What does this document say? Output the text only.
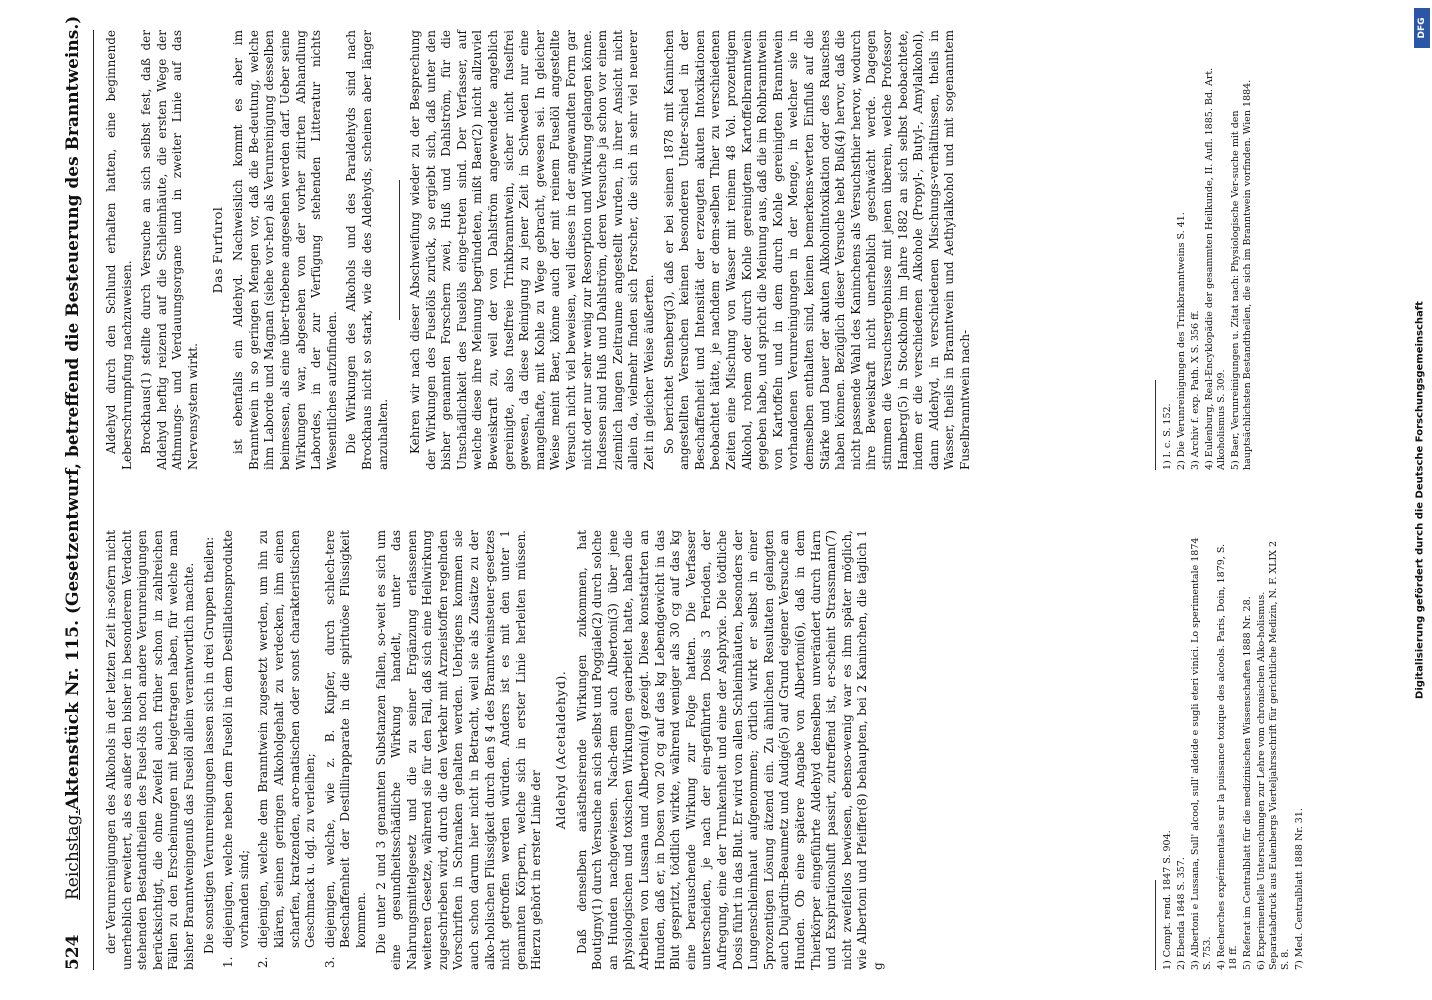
524
Reichstag.
Aktenstück Nr. 115. (Gesetzentwurf, betreffend die Besteuerung des Branntweins.) der Verunreinigungen des Alkohols in der letzten Zeit in-sofern nicht unerheblich erweitert, als es außer den bisher in besonderem Verdacht stehenden Bestandtheilen des Fusel-öls noch andere Verunreinigungen berücksichtigt, die ohne Zweifel auch früher schon in zahlreichen Fällen zu den Erscheinungen mit beigetragen haben, für welche man bisher Branntweingenuß das Fuselöl allein verantwortlich machte. Die sonstigen Verunreinigungen lassen sich in drei Gruppen theilen:

1.
diejenigen, welche neben dem Fuselöl in dem Destillationsprodukte vorhanden sind;

2.
diejenigen, welche dem Branntwein zugesetzt werden, um ihn zu klären, seinen geringen Alkoholgehalt zu verdecken, ihm einen scharfen, kratzenden, aro-matischen oder sonst charakteristischen Geschmack u. dgl. zu verleihen;

3.
diejenigen, welche, wie z. B. Kupfer, durch schlech-tere Beschaffenheit der Destillirapparate in die spirituöse Flüssigkeit kommen. Die unter 2 und 3 genannten Substanzen fallen, so-weit es sich um eine gesundheitsschädliche Wirkung handelt, unter das Nahrungsmittelgesetz und die zu seiner Ergänzung erlassenen weiteren Gesetze, während sie für den Fall, daß sich eine Heilwirkung zugeschrieben wird, durch die den Verkehr mit Arzneistoffen regelnden Vorschriften in Schranken gehalten werden. Uebrigens kommen sie auch schon darum hier nicht in Betracht, weil sie als Zusätze zu der alko-holischen Flüssigkeit durch den § 4 des Branntweinsteuer-gesetzes nicht getroffen werden würden. Anders ist es mit den unter 1 genannten Körpern, welche sich in erster Linie herleiten müssen. Hierzu gehört in erster Linie der

Aldehyd (Acetaldehyd). Daß denselben anästhesirende Wirkungen zukommen, hat Boutigny(1) durch Versuche an sich selbst und Poggiale(2) durch solche an Hunden nachgewiesen. Nach-dem auch Albertoni(3) über jene physiologischen und toxischen Wirkungen gearbeitet hatte, haben die Arbeiten von Lussana und Albertoni(4) gezeigt. Diese konstatirten an Hunden, daß er, in Dosen von 20 cg auf das kg Lebendgewicht in das Blut gespritzt, tödtlich wirkte, während weniger als 30 cg auf das kg eine berauschende Wirkung zur Folge hatten. Die Verfasser unterscheiden, je nach der ein-geführten Dosis 3 Perioden, der Aufregung, eine der Trunkenheit und eine der Asphyxie. Die tödtliche Dosis führt in das Blut. Er wird von allen Schleimhäuten, besonders der Lungenschleimhaut aufgenommen; örtlich wirkt er selbst in einer 5prozentigen Lösung ätzend ein. Zu ähnlichen Resultaten gelangten auch Dujardin-Beaumetz und Audigé(5) auf Grund eigener Versuche an Hunden. Ob eine spätere Angabe von Albertoni(6), daß in dem Thierkörper eingeführte Aldehyd denselben unverändert durch Harn und Exspirationsluft passirt, zutreffend ist, er-scheint Strassmann(7) nicht zweifellos bewiesen, ebenso-wenig war es ihm später möglich, wie Albertoni und Pfeiffer(8) behaupten, bei 2 Kaninchen, die täglich 1 g

Aldehyd durch den Schlund erhalten hatten, eine beginnende Leberschrumpfung nachzuweisen. Brockhaus(1) stellte durch Versuche an sich selbst fest, daß der Aldehyd heftig reizend auf die Schleimhäute, die ersten Wege der Athmungs- und Verdauungsorgane und in zweiter Linie auf das Nervensystem wirkt.

Das Furfurol ist ebenfalls ein Aldehyd. Nachweislich kommt es aber im Branntwein in so geringen Mengen vor, daß die Be-deutung, welche ihm Laborde und Magnan (siehe vor-her) als Verunreinigung desselben beimessen, als eine über-triebene angesehen werden darf. Ueber seine Wirkungen war, abgesehen von der vorher zitirten Abhandlung Labordes, in der zur Verfügung stehenden Litteratur nichts Wesentliches aufzufinden. Die Wirkungen des Alkohols und des Paraldehyds sind nach Brockhaus nicht so stark, wie die des Aldehyds, scheinen aber länger anzuhalten. Kehren wir nach dieser Abschweifung wieder zu der Besprechung der Wirkungen des Fuselöls zurück, so ergiebt sich, daß unter den bisher genannten Forschern zwei, Huß und Dahlström, für die Unschädlichkeit des Fuselöls einge-treten sind. Der Verfasser, auf welche diese ihre Meinung begründeten, mißt Baer(2) nicht allzuviel Beweiskraft zu, weil der von Dahlström angewendete angeblich gereinigte, also fuselfreie Trinkbranntwein, sicher nicht fuselfrei gewesen, da diese Reinigung zu jener Zeit in Schweden nur eine mangelhafte, mit Kohle zu Wege gebracht, gewesen sei. In gleicher Weise meint Baer, könne auch der mit reinem Fuselöl angestellte Versuch nicht viel beweisen, weil dieses in der angewandten Form gar nicht oder nur sehr wenig zur Resorption und Wirkung gelangen könne. Indessen sind Huß und Dahlström, deren Versuche ja schon vor einem ziemlich langen Zeitraume angestellt wurden, in ihrer Ansicht nicht allein da, vielmehr finden sich Forscher, die sich in sehr viel neuerer Zeit in gleicher Weise äußerten. So berichtet Stenberg(3), daß er bei seinen 1878 mit Kaninchen angestellten Versuchen keinen besonderen Unter-schied in der Beschaffenheit und Intensität der erzeugten akuten Intoxikationen beobachtet hätte, je nachdem er dem-selben Thier zu verschiedenen Zeiten eine Mischung von Wasser mit reinem 48 Vol. prozentigem Alkohol, rohem oder durch Kohle gereinigtem Kartoffelbranntwein gegeben habe, und spricht die Meinung aus, daß die im Rohbranntwein von Kartoffeln und in dem durch Kohle gereinigten Branntwein vorhandenen Verunreinigungen in der Menge, in welcher sie in demselben enthalten sind, keinen bemerkens-werten Einfluß auf die Stärke und Dauer der akuten Alkoholintoxikation oder des Rausches haben können. Bezüglich dieser Versuche hebt Buß(4) hervor, daß die nicht passende Wahl des Kaninchens als Versuchsthier hervor, wodurch ihre Beweiskraft nicht unerheblich geschwächt werde. Dagegen stimmen die Versuchsergebnisse mit jenen überein, welche Professor Hamberg(5) in Stockholm im Jahre 1882 an sich selbst beobachtete, indem er die verschiedenen Alkohole (Propyl-, Butyl-, Amylalkohol), dann Aldehyd, in verschiedenen Mischungs-verhältnissen, theils in Wasser, theils in Branntwein und Aethylalkohol und mit sogenanntem Fuselbranntwein nach-

1) Compt. rend. 1847 S. 904. 2) Ebenda 1848 S. 357. 3) Albertoni e Lussana, Sull' alcool, sull' aldeide e sugli eteri vinici. Lo sperimentale 1874 S. 753. 4) Recherches expérimentales sur la puissance toxique des alcools. Paris, Doin, 1879, S. 18 ff. 5) Referat im Centralblatt für die medizinischen Wissenschaften 1888 Nr. 28. 6) Experimentelle Untersuchungen zur Lehre vom chronischen Alko-holismus. Separatabdruck aus Eulenbergs Vierteljahrsschrift für gerichtliche Medizin, N. F. XLIX 2 S. 8. 7) Med. Centralblatt 1888 Nr. 31.

1) l. c. S. 152. 2) Die Verunreinigungen des Trinkbranntweins S. 41. 3) Archiv f. exp. Path. X S. 356 ff. 4) Eulenburg, Real-Encyklopädie der gesammten Heilkunde, II. Aufl. 1885. Bd. Art. Alkoholismus S. 309. 5) Baer, Verunreinigungen u. Zitat nach: Physiologische Ver-suche mit den hauptsächlichsten Bestandtheilen, die sich im Branntwein vorfinden. Wien 1884.

DFG
Digitalisierung gefördert durch die Deutsche Forschungsgemeinschaft
